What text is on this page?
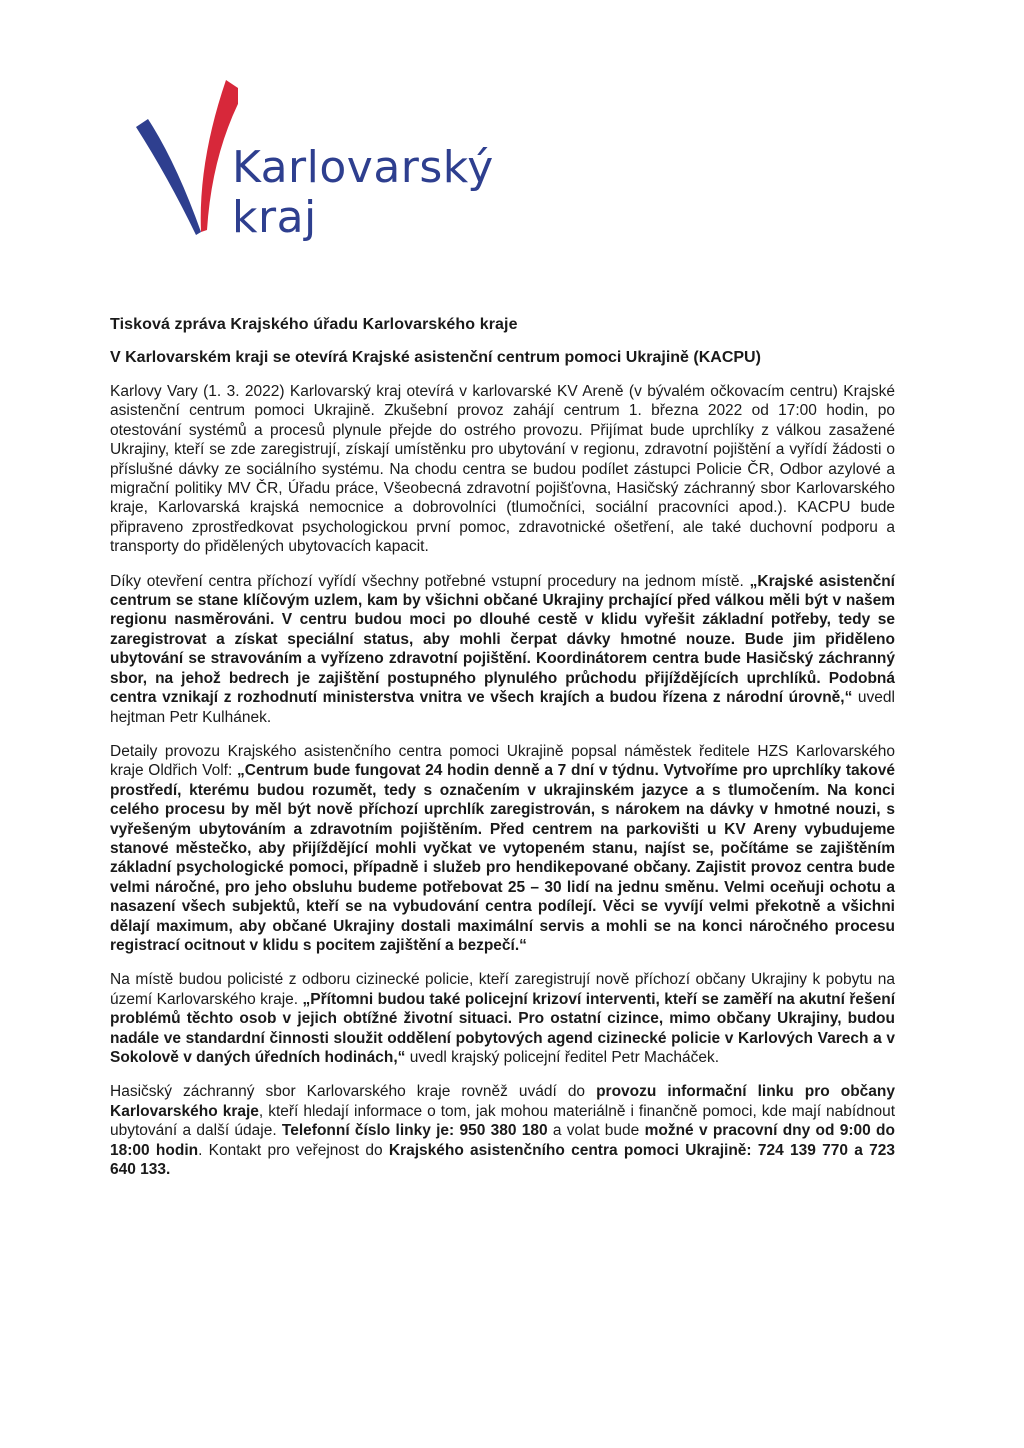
Karlovarský
kraj
Tisková zpráva Krajského úřadu Karlovarského kraje
V Karlovarském kraji se otevírá Krajské asistenční centrum pomoci Ukrajině (KACPU)

Karlovy Vary (1. 3. 2022) Karlovarský kraj otevírá v karlovarské KV Areně (v bývalém očkovacím centru) Krajské asistenční centrum pomoci Ukrajině. Zkušební provoz zahájí centrum 1. března 2022 od 17:00 hodin, po otestování systémů a procesů plynule přejde do ostrého provozu. Přijímat bude uprchlíky z válkou zasažené Ukrajiny, kteří se zde zaregistrují, získají umístěnku pro ubytování v regionu, zdravotní pojištění a vyřídí žádosti o příslušné dávky ze sociálního systému. Na chodu centra se budou podílet zástupci Policie ČR, Odbor azylové a migrační politiky MV ČR, Úřadu práce, Všeobecná zdravotní pojišťovna, Hasičský záchranný sbor Karlovarského kraje, Karlovarská krajská nemocnice a dobrovolníci (tlumočníci, sociální pracovníci apod.). KACPU bude připraveno zprostředkovat psychologickou první pomoc, zdravotnické ošetření, ale také duchovní podporu a transporty do přidělených ubytovacích kapacit.

Díky otevření centra příchozí vyřídí všechny potřebné vstupní procedury na jednom místě. „Krajské asistenční centrum se stane klíčovým uzlem, kam by všichni občané Ukrajiny prchající před válkou měli být v našem regionu nasměrováni. V centru budou moci po dlouhé cestě v klidu vyřešit základní potřeby, tedy se zaregistrovat a získat speciální status, aby mohli čerpat dávky hmotné nouze. Bude jim přiděleno ubytování se stravováním a vyřízeno zdravotní pojištění. Koordinátorem centra bude Hasičský záchranný sbor, na jehož bedrech je zajištění postupného plynulého průchodu přijíždějících uprchlíků. Podobná centra vznikají z rozhodnutí ministerstva vnitra ve všech krajích a budou řízena z národní úrovně,“ uvedl hejtman Petr Kulhánek.

Detaily provozu Krajského asistenčního centra pomoci Ukrajině popsal náměstek ředitele HZS Karlovarského kraje Oldřich Volf: „Centrum bude fungovat 24 hodin denně a 7 dní v týdnu. Vytvoříme pro uprchlíky takové prostředí, kterému budou rozumět, tedy s označením v ukrajinském jazyce a s tlumočením. Na konci celého procesu by měl být nově příchozí uprchlík zaregistrován, s nárokem na dávky v hmotné nouzi, s vyřešeným ubytováním a zdravotním pojištěním. Před centrem na parkovišti u KV Areny vybudujeme stanové městečko, aby přijíždějící mohli vyčkat ve vytopeném stanu, najíst se, počítáme se zajištěním základní psychologické pomoci, případně i služeb pro hendikepované občany. Zajistit provoz centra bude velmi náročné, pro jeho obsluhu budeme potřebovat 25 – 30 lidí na jednu směnu. Velmi oceňuji ochotu a nasazení všech subjektů, kteří se na vybudování centra podílejí. Věci se vyvíjí velmi překotně a všichni dělají maximum, aby občané Ukrajiny dostali maximální servis a mohli se na konci náročného procesu registrací ocitnout v klidu s pocitem zajištění a bezpečí.“

Na místě budou policisté z odboru cizinecké policie, kteří zaregistrují nově příchozí občany Ukrajiny k pobytu na území Karlovarského kraje. „Přítomni budou také policejní krizoví interventi, kteří se zaměří na akutní řešení problémů těchto osob v jejich obtížné životní situaci. Pro ostatní cizince, mimo občany Ukrajiny, budou nadále ve standardní činnosti sloužit oddělení pobytových agend cizinecké policie v Karlových Varech a v Sokolově v daných úředních hodinách,“ uvedl krajský policejní ředitel Petr Macháček.

Hasičský záchranný sbor Karlovarského kraje rovněž uvádí do provozu informační linku pro občany Karlovarského kraje, kteří hledají informace o tom, jak mohou materiálně i finančně pomoci, kde mají nabídnout ubytování a další údaje. Telefonní číslo linky je: 950 380 180 a volat bude možné v pracovní dny od 9:00 do 18:00 hodin. Kontakt pro veřejnost do Krajského asistenčního centra pomoci Ukrajině: 724 139 770 a 723 640 133.
